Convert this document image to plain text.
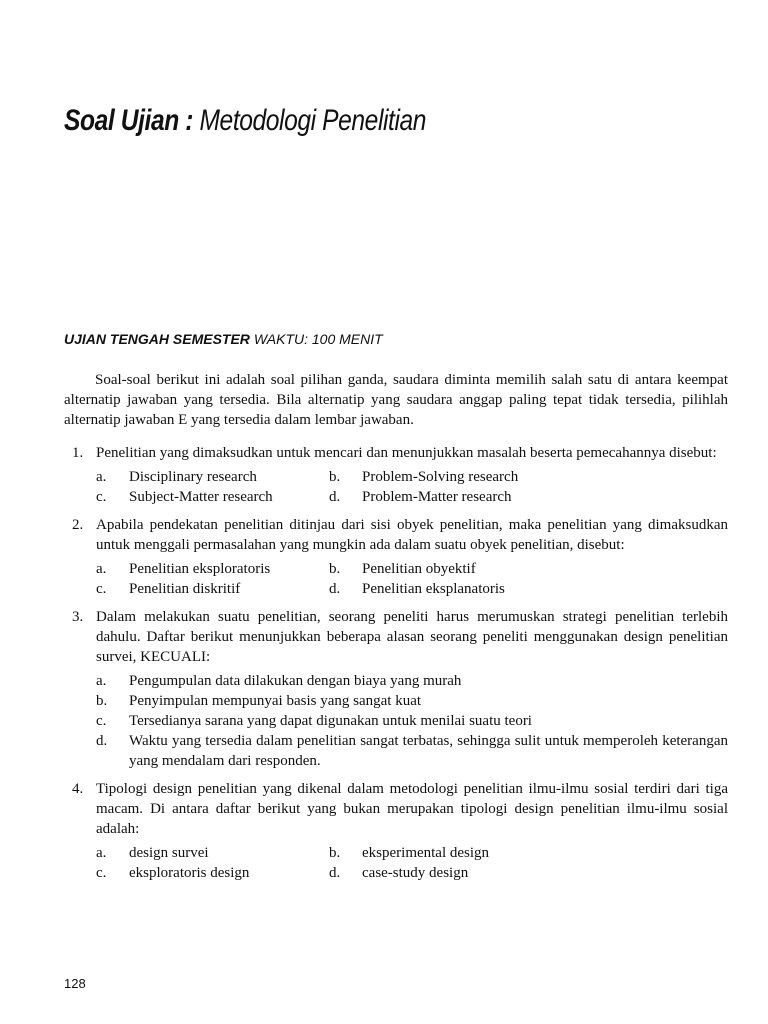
Soal Ujian : Metodologi Penelitian
UJIAN TENGAH SEMESTER WAKTU: 100 MENIT

Soal-soal berikut ini adalah soal pilihan ganda, saudara diminta memilih salah satu di antara keempat alternatip jawaban yang tersedia. Bila alternatip yang saudara anggap paling tepat tidak tersedia, pilihlah alternatip jawaban E yang tersedia dalam lembar jawaban.

1. Penelitian yang dimaksudkan untuk mencari dan menunjukkan masalah beserta pemecahannya disebut:

a.	Disciplinary research	b.	Problem-Solving research
c.	Subject-Matter research	d.	Problem-Matter research
2. Apabila pendekatan penelitian ditinjau dari sisi obyek penelitian, maka penelitian yang dimaksudkan untuk menggali permasalahan yang mungkin ada dalam suatu obyek penelitian, disebut:

a.	Penelitian eksploratoris	b.	Penelitian obyektif
c.	Penelitian diskritif	d.	Penelitian eksplanatoris
3. Dalam melakukan suatu penelitian, seorang peneliti harus merumuskan strategi penelitian terlebih dahulu. Daftar berikut menunjukkan beberapa alasan seorang peneliti menggunakan design penelitian survei, KECUALI:

a.	Pengumpulan data dilakukan dengan biaya yang murah
b.	Penyimpulan mempunyai basis yang sangat kuat
c.	Tersedianya sarana yang dapat digunakan untuk menilai suatu teori
d.	Waktu yang tersedia dalam penelitian sangat terbatas, sehingga sulit untuk memperoleh keterangan yang mendalam dari responden.
4. Tipologi design penelitian yang dikenal dalam metodologi penelitian ilmu-ilmu sosial terdiri dari tiga macam. Di antara daftar berikut yang bukan merupakan tipologi design penelitian ilmu-ilmu sosial adalah:

a.	design survei	b.	eksperimental design
c.	eksploratoris design	d.	case-study design
128
